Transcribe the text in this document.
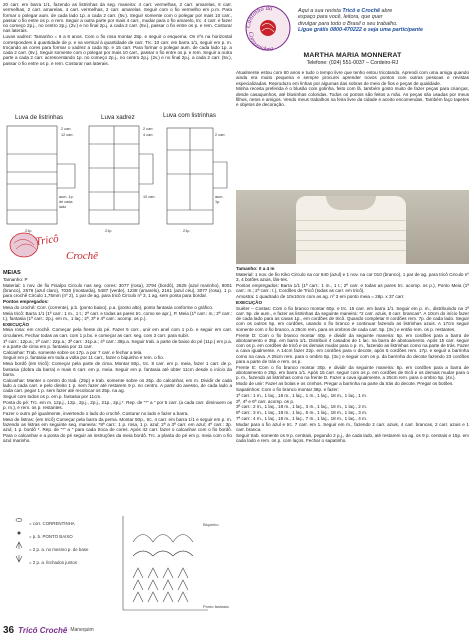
20 carr. em barra 1/1, fazendo as listrinhas da seg. maneira: 4 carr. vermelhas, 2 carr. amarelas, 6 carr. vermelhas, 2 carr. amarelas, 4 carr. vermelhas, 2 carr. amarelas. Seguir com o fio vermelho em p.m. Para formar o polegar aum. de cada lado 1p. a cada 2 carr. (5v.). Seguir somente com o polegar por mais 10 carr., passar o fio entre os p. e rem. Seguir a outra parte por mais 4 carr., mudar para o fio amarelo, trc. 4 carr. e fazer no começo 2p.j., no centro 2p.j. (2v.) e no final 2p.j. a cada 2 carr. (5v.), passar o fio entre os p. e rem. Costurar nas laterais.

Luvas xadrez: Tamanho = 6 a 8 anos. Com o fio rosa montar 28p. e seguir o esquema. Os nºs na horizontal correspondem à quantidade de p. e na vertical à quantidade de carr. Trc. 10 carr. em barra 1/1, seguir em p. m. trocando as cores para formar o xadrez a cada 8p. e 15 carr. Para formar o polegar aum. de cada lado 1p. a cada 2 carr. (5v.). Seguir somente com o polegar por mais 10 carr., passar o fio entre os p. e rem. Seguir a outra parte a cada 2 carr. acrescentando 1p. no começo 2p.j., no centro 2p.j. (2v.) e no final 2p.j. a cada 2 carr. (5v.), passar o fio entre os p. e rem. Costurar nas laterais.

Luva de listrinhas	Luva xadrez	Luva com listrinhas
2 carr.
12 carr.
aum. 1p.
de cada
lado
21p.
2 carr.
4 carr.
10 carr.
21p.
2 carr.
aum.
1p.
21p.
Tricô
Crochê

MEIAS

Tamanho: P

Material: 1 nov. de fio Fisalpo Circulo nas seg. cores: 3077 (rosa), 3794 (bordô), 2625 (azul marinho), 8001 (branco), 2676 (azul claro), 7030 (mostarda), 5487 (verde), 1238 (amarelo), 2161 (azul céu), 3077 (rosa). 1 p. para crochê Circulo 1,75mm (nº 2), 1 par de ag. para tricô Circulo nº 3, 1 ag. sem ponta para bordar.

Pontos empregados:

Meia do crochê: Corr. (corrente), p.b. (ponto baixo), p.a. (ponto alto), ponto fantasia conforme o gráfico.

Meia tricô: Barra 1/1 (1ª carr.: 1 m., 1 t.; 2ª carr. e todas as pares trc. como se apr.), P. Meia (1ª carr.: m.; 2ª carr.: t.), fantasia (1ª carr.: 2p.j. em m., 1 laç.; 2ª, 3ª e 4ª carr.: acomp. os p.).

EXECUÇÃO

Meia rosa: em crochê. Começar pela frente do pé. Fazer 5 corr., unir em anel com 1 p.b. e seguir em carr. circulares. Fechar todas as carr. com 1 p.bx. e começar as carr. seg. com 3 corr. para subir.

1ª carr.: 12p.a.; 2ª carr.: 22p.a.; 3ª carr.: 31p.a.; 4ª carr.: 38p.a. Seguir trab. a parte de baixo do pé (11p.) em p.a. e a parte de cima em p. fantasia por 11 carr.

Calcanhar: Trab. somente sobre os 17p. a por 7 carr. e fechar a tela.

Seguir em p. fantasia em toda a volta por 11 carr., fazer o biquinho e rem. o fio.

Meia bordô (em tricô): Começar pela parte de cima. Montar 50p., trc. 8 carr. em p. meia, fazer 1 carr. de p. fantasia (dobra da barra) e mais 6 carr. em p. meia. Seguir em p. fantasia até obter 11cm desde o início da barra.

Calcanhar: Manter o centro do trab. (25p) e trab. somente sobre os 25p. do calcanhar, em m. Dividir de cada lado a cada carr. e pelo direito 1 p. sem fazer até restarem 9 p. no centro. A partir do avesso, de cada lado a cada carr. pegar 1 p. sem fazer até recolocar os 25p. na ag.

Seguir com todos os p. em p. fantasia por 11cm.

Ponta do pé: Trc. em m. 12p.j., 12p., 2p.j., 2p.j., 21p., 2p.j.*. Rep. de "*" a " por 5 carr. (a cada carr. diminuem os p. m.), e rem. os p. restantes.

Fazer o outro pé igualmente, invertendo o lado do crochê. Costurar no lado e fazer a barra.

Meia de listras: (em tricô) Começar pela barra da perna. Montar 50p., trc. 4 carr. em barra 1/1 e seguir em p. m. fazendo as listras em seguinte seq. maneira: *8ª carr.: 1 p. rosa, 1 p. azul; 2ª a 3ª carr. em azul; 4ª carr.: 3p. azul, 1 p. bordô *. Rep. de "*" a " para cada troca de cores. Após 42 carr. fazer o calcanhar com o fio bordô. Para o calcanhar e a ponta do pé seguir as instruções da meia bordô. Trc. a planta do pé em p. meia com o fio azul marinho.

= corr. CORRENTINHA
= p. b. PONTO BAIXO
= 2 p. a. no mesmo p. de base
= 2 p. a. fechados juntos
Biquinho
Ponto fantasia
36 Tricô Crochê Manequim
Cantinho da
Consumidora
Aqui a sua revista Tricô e Crochê abre
espaço para você, leitora, que quer
divulgar para todo o Brasil o seu trabalho.
Ligue grátis 0800-470222 e seja uma participante
MARTHA MARIA MONNERAT
Telefone: (024) 551-0037 – Cordeiro-RJ

Atualmente estou com 60 anos e tudo o tempo livre que tenho estou tricotando. Aprendi com uma amiga quando ainda era muito pequena e sempre procurei aprender novos pontos com outras pessoas e revistas especializadas. Reproduzo em linhas por algumas das sobras de meio de fios e peças de qualidade.

Minha receita preferida é o blusão com golinha, feito com lã, também gosto muito de fazer peças para crianças, desde casaquinhos, até blusinhas coloridas. Todos os pontos são feitos a mão. As peças são usadas por meus filhos, netos e amigos. Vendo meus trabalhos na feira livre da cidade e aceito encomendas. Também faço tapetes e objetos de decoração.

Tamanho: 0 a 4 m

Material: 1 nov. de fio Kiko Circulo na cor 840 (azul) e 1 nov. na cor 010 (branco), 1 par de ag. para tricô Circulo nº 3, 4 botões azuis, lãs-tes.

Pontos empregados: Barra 1/1 (1ª carr.: 1 m., 1 t.; 2ª carr. e todas as pares trc. acomp. os p.), Ponto Meia (1ª carr.: m.; 2ª carr.: t.), Cordões de Tricô (todas as carr. em tricô).

Amostra: 1 quadrado de 10x10cm com as ag. nº 3 em ponto meia = 28p. x 37 carr.

EXECUÇÃO

Suéter – Costas: Com o fio branco montar 60p. e trc. 15 carr. em barra 1/1. Seguir em p. m., distribuindo na 1ª carr. 5p. de aum., e fazer as listrinhas da seguinte maneira: *2 carr. azuis, 6 carr. brancas*. A 10cm do início fazer de cada lado para as cavas 1p., em cordões de tricô. Quando completar 8 cordões rem. 7p. de cada lado. Seguir com os outros 5p. em cordões, usando o fio branco e continuar fazendo as listrinhas azuis. A 17cm seguir somente com o fio branco, a 25cm rem. para os ombros de cada carr. 5p. (3v.) e então rem. os p. restantes.

Frente D: Com o fio branco montar 40p. e dividir da seguinte maneira: 5p. em cordões para a barra de abotoamento e 35p. em barra 1/1. Distribuir 4 casados de 1 lac. na barra de abotoamento. Após 15 carr. seguir com os p. em cordões de tricô e os demais mudar para o p. m., fazendo as listrinhas como na parte de trás. Fazer a cava igualmente. A 14cm fazer 22p. em cordões para o decote, após 5 cordões rem. 17p. e seguir a barrinha como na cava. A 25cm rem. para o ombro 5p. (3v.) e seguir com os p. da barrinha do decote fazendo 23 cordões para a parte de trás e rem. os p.

Frente E: Com o fio branco montar 30p. e dividir da seguinte maneira: 5p. em cordões para a barra de abotoamento e 25p. em barra 1/1. Após 15 carr. seguir com os p. em cordões de tricô e os demais mudar para o p. m., fazendo as listrinhas como na frente D. Fazer a cava igualmente, a 25cm rem. para o ombro 5p. (4v.).

Modo de unir: Fazer as bolas e os crinhos. Pregar a barrinha na parte da trás do decote. Pregar os botões.

Sapatinhos: Com o fio branco montar 38p. e fazer:

1ª carr.: 1 m., 1 laç., 18 m., 1 laç., 1 m., 1 laç., 18 m., 1 laç., 1 m.

2ª, 4ª e 6ª carr. acomp. os p.

3ª carr.: 2 m., 1 laç., 18 m., 1 laç., 3 m., 1 laç., 18 m., 1 laç., 2 m.

5ª carr.: 3 m., 1 laç., 18 m., 1 laç., 5 m., 1 laç., 18 m., 1 laç., 3 m.

7ª carr.: 4 m., 1 laç., 18 m., 1 laç., 7 m., 1 laç., 18 m., 1 laç., 4 m.

Mudar para o fio azul e trc. 7 carr. em 1. Seguir em m., fazendo 2 carr. azuis, 4 carr. brancas, 2 carr. azuis e 1 carr. branca.

Seguir trab. somente os 9 p. centrais, pegando 2 p.j., de cada lado, até restarem na ag. os 9 p. centrais e 15p. em cada lado e rem. os p. com laços. Fechar o sapatinho.
